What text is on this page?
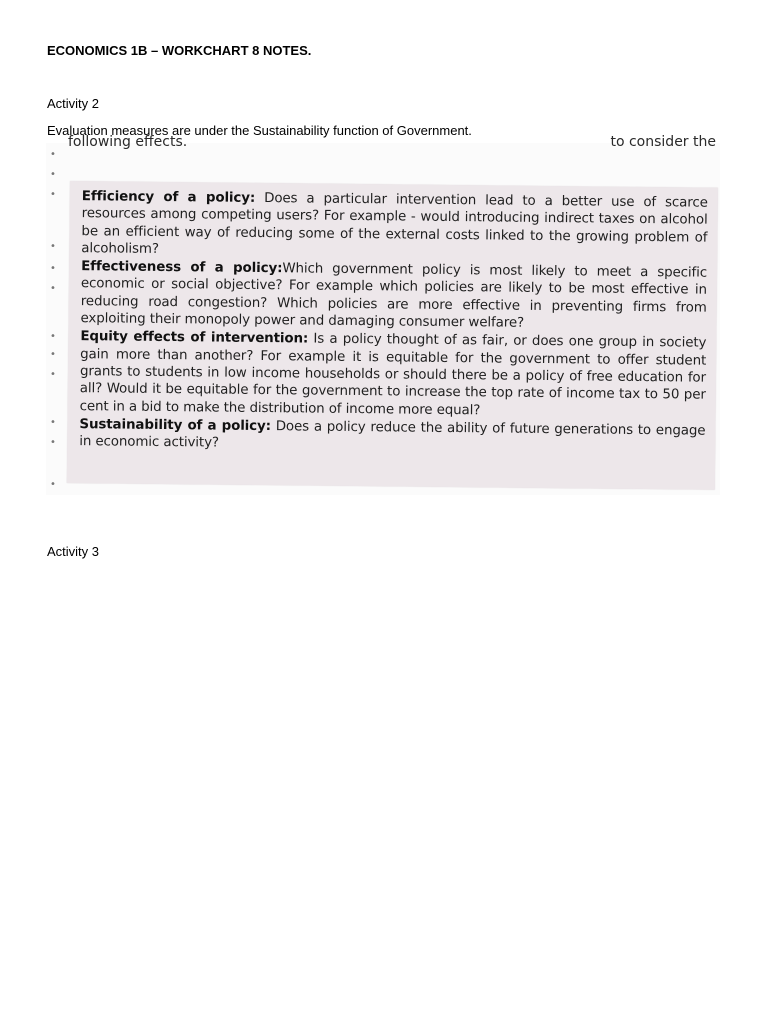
ECONOMICS 1B – WORKCHART 8 NOTES.
Activity 2
Evaluation measures are under the Sustainability function of Government.
following effects.	to consider the
•
•
•
•
•
•
•
•
•
•
•
•

Efficiency of a policy: Does a particular intervention lead to a better use of scarce resources among competing users? For example - would introducing indirect taxes on alcohol be an efficient way of reducing some of the external costs linked to the growing problem of alcoholism?

Effectiveness of a policy:Which government policy is most likely to meet a specific economic or social objective? For example which policies are likely to be most effective in reducing road congestion? Which policies are more effective in preventing firms from exploiting their monopoly power and damaging consumer welfare?

Equity effects of intervention: Is a policy thought of as fair, or does one group in society gain more than another? For example it is equitable for the government to offer student grants to students in low income households or should there be a policy of free education for all? Would it be equitable for the government to increase the top rate of income tax to 50 per cent in a bid to make the distribution of income more equal?

Sustainability of a policy: Does a policy reduce the ability of future generations to engage in economic activity?

Activity 3
